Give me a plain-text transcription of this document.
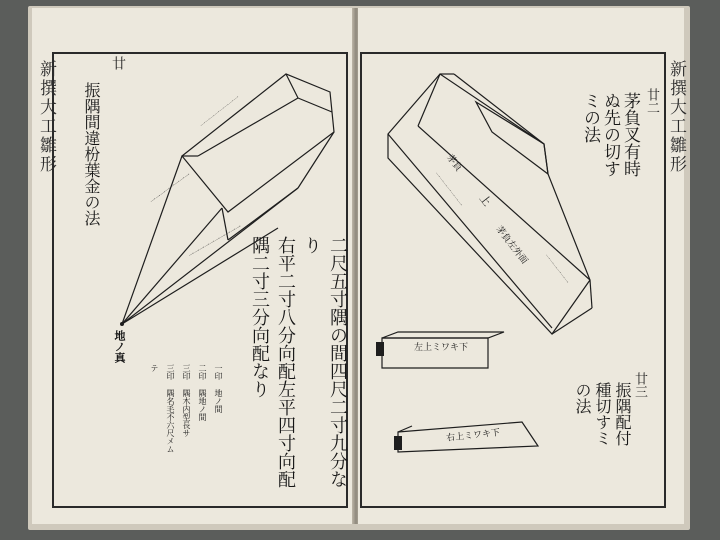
新撰大工雛形	廿
振隅間違枌葉金の法
二尺五寸隅の間四尺二寸九分なり
右平二寸八分向配左平四寸向配
隅二寸三分向配なり
一印 地ノ間
二印 隅地ノ間
三印 隅木内型長サ
三印 隅名毛不六尺メムテ
一一一一一一一一
一一一一一一一一
一一一一一一一一一一
地ノ真
新撰大工雛形
廿二
茅負叉有時ぬ先の切すミの法
廿三
振隅配付種切すミの法
一一一一一一一
一一一一一一
上
茅負
茅負左外面
左上ミワキ下
右上ミワキ下
